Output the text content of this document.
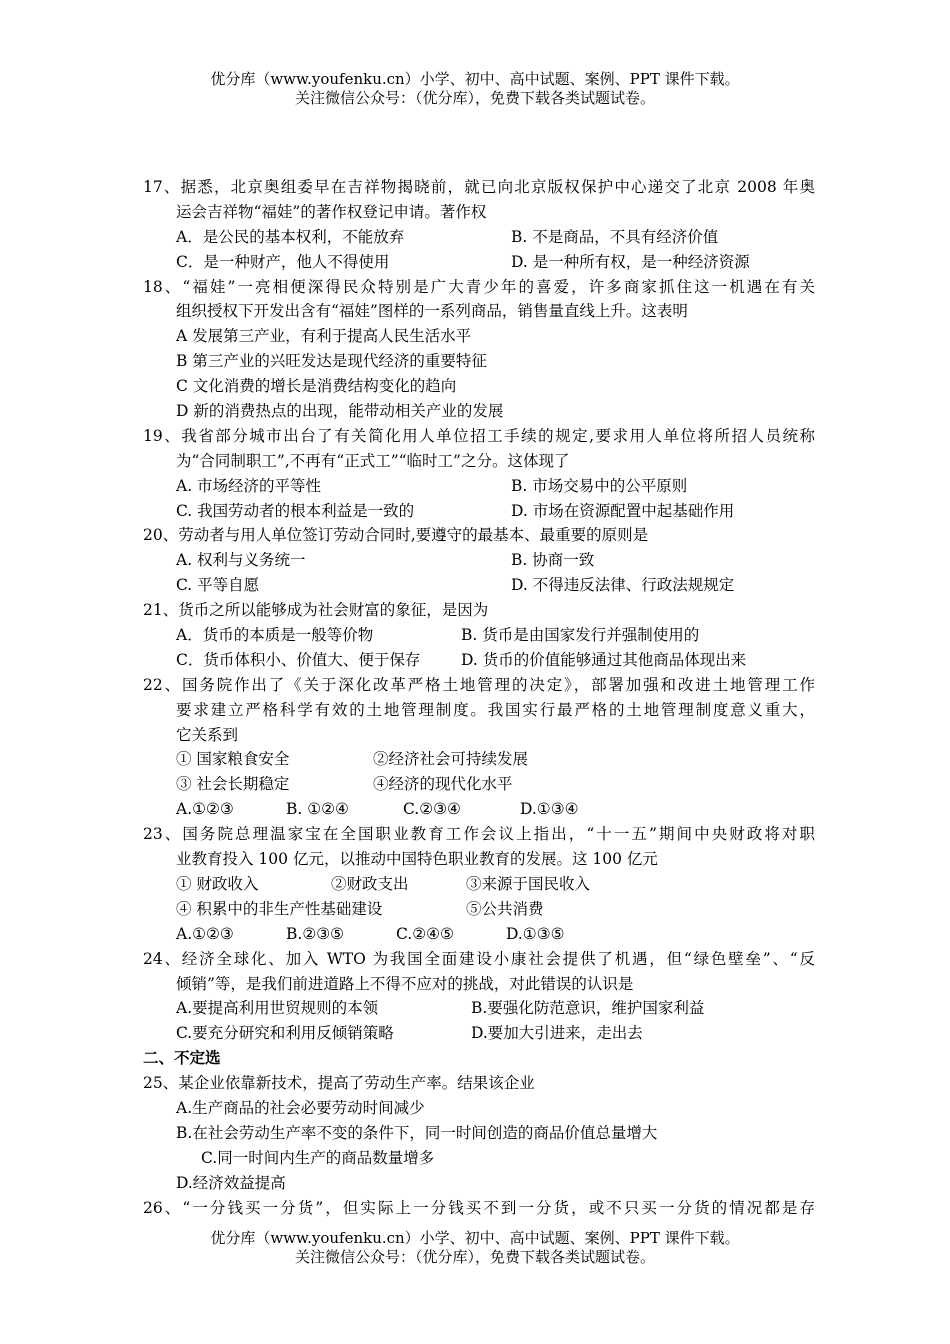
优分库（www.youfenku.cn）小学、初中、高中试题、案例、PPT 课件下载。
关注微信公众号：（优分库），免费下载各类试题试卷。
17、据悉，北京奥组委早在吉祥物揭晓前，就已向北京版权保护中心递交了北京 2008 年奥
运会吉祥物“福娃”的著作权登记申请。著作权
A．是公民的基本权利，不能放弃	B. 不是商品，不具有经济价值
C．是一种财产，他人不得使用	D. 是一种所有权，是一种经济资源
18、“福娃”一亮相便深得民众特别是广大青少年的喜爱，许多商家抓住这一机遇在有关
组织授权下开发出含有“福娃”图样的一系列商品，销售量直线上升。这表明
A 发展第三产业，有利于提高人民生活水平
B 第三产业的兴旺发达是现代经济的重要特征
C 文化消费的增长是消费结构变化的趋向
D 新的消费热点的出现，能带动相关产业的发展
19、我省部分城市出台了有关简化用人单位招工手续的规定,要求用人单位将所招人员统称
为“合同制职工”,不再有“正式工”“临时工”之分。这体现了
A. 市场经济的平等性	B. 市场交易中的公平原则
C. 我国劳动者的根本利益是一致的	D. 市场在资源配置中起基础作用
20、劳动者与用人单位签订劳动合同时,要遵守的最基本、最重要的原则是
A. 权利与义务统一	B. 协商一致
C. 平等自愿	D. 不得违反法律、行政法规规定
21、货币之所以能够成为社会财富的象征，是因为
A．货币的本质是一般等价物	B. 货币是由国家发行并强制使用的
C．货币体积小、价值大、便于保存	D. 货币的价值能够通过其他商品体现出来
22、国务院作出了《关于深化改革严格土地管理的决定》，部署加强和改进土地管理工作
要求建立严格科学有效的土地管理制度。我国实行最严格的土地管理制度意义重大，
它关系到
① 国家粮食安全	②经济社会可持续发展
③ 社会长期稳定	④经济的现代化水平
A.①②③	B. ①②④	C.②③④	D.①③④
23、国务院总理温家宝在全国职业教育工作会议上指出，“十一五”期间中央财政将对职
业教育投入 100 亿元，以推动中国特色职业教育的发展。这 100 亿元
① 财政收入	②财政支出	③来源于国民收入
④ 积累中的非生产性基础建设	⑤公共消费
A.①②③	B.②③⑤	C.②④⑤	D.①③⑤
24、经济全球化、加入 WTO 为我国全面建设小康社会提供了机遇，但“绿色壁垒”、“反
倾销”等，是我们前进道路上不得不应对的挑战，对此错误的认识是
A.要提高利用世贸规则的本领	B.要强化防范意识，维护国家利益
C.要充分研究和利用反倾销策略	D.要加大引进来，走出去
二、不定选
25、某企业依靠新技术，提高了劳动生产率。结果该企业
A.生产商品的社会必要劳动时间减少
B.在社会劳动生产率不变的条件下，同一时间创造的商品价值总量增大
C.同一时间内生产的商品数量增多
D.经济效益提高
26、“一分钱买一分货”，但实际上一分钱买不到一分货，或不只买一分货的情况都是存
优分库（www.youfenku.cn）小学、初中、高中试题、案例、PPT 课件下载。
关注微信公众号：（优分库），免费下载各类试题试卷。
